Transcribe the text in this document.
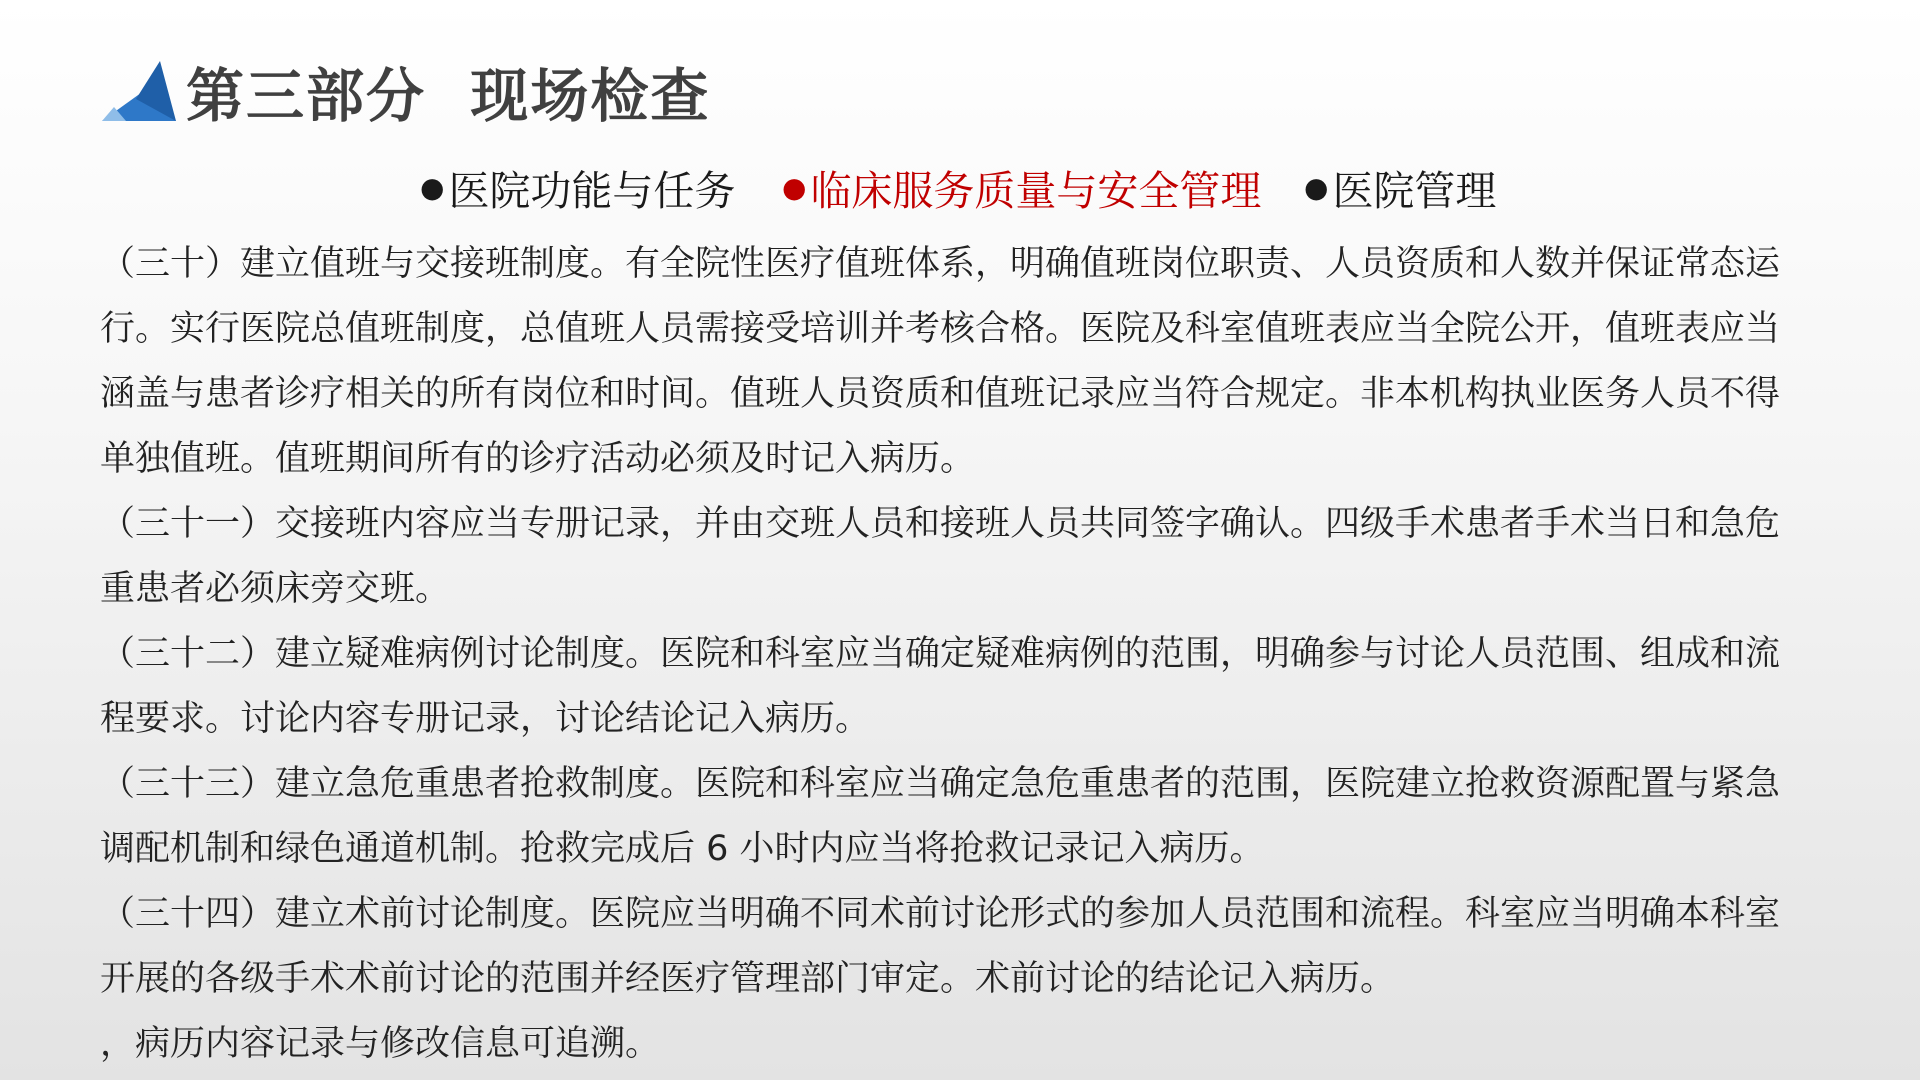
第三部分  现场检查
● 医院功能与任务 ● 临床服务质量与安全管理 ● 医院管理

（三十）建立值班与交接班制度。有全院性医疗值班体系，明确值班岗位职责、人员资质和人数并保证常态运行。实行医院总值班制度，总值班人员需接受培训并考核合格。医院及科室值班表应当全院公开，值班表应当涵盖与患者诊疗相关的所有岗位和时间。值班人员资质和值班记录应当符合规定。非本机构执业医务人员不得单独值班。值班期间所有的诊疗活动必须及时记入病历。

（三十一）交接班内容应当专册记录，并由交班人员和接班人员共同签字确认。四级手术患者手术当日和急危重患者必须床旁交班。

（三十二）建立疑难病例讨论制度。医院和科室应当确定疑难病例的范围，明确参与讨论人员范围、组成和流程要求。讨论内容专册记录，讨论结论记入病历。

（三十三）建立急危重患者抢救制度。医院和科室应当确定急危重患者的范围，医院建立抢救资源配置与紧急调配机制和绿色通道机制。抢救完成后 6 小时内应当将抢救记录记入病历。

（三十四）建立术前讨论制度。医院应当明确不同术前讨论形式的参加人员范围和流程。科室应当明确本科室开展的各级手术术前讨论的范围并经医疗管理部门审定。术前讨论的结论记入病历。

，病历内容记录与修改信息可追溯。
